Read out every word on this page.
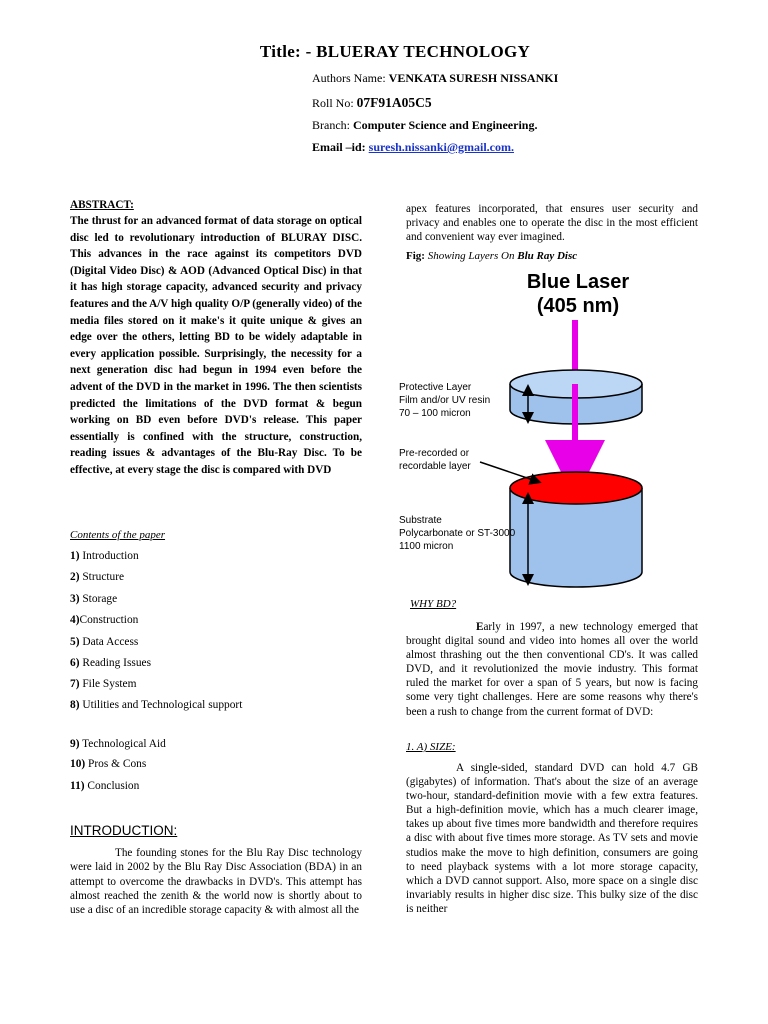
Title: - BLUERAY TECHNOLOGY
Authors Name: VENKATA SURESH NISSANKI
Roll No: 07F91A05C5
Branch: Computer Science and Engineering.
Email –id: suresh.nissanki@gmail.com.
ABSTRACT:

The thrust for an advanced format of data storage on optical disc led to revolutionary introduction of BLURAY DISC. This advances in the race against its competitors DVD (Digital Video Disc) & AOD (Advanced Optical Disc) in that it has high storage capacity, advanced security and privacy features and the A/V high quality O/P (generally video) of the media files stored on it make's it quite unique & gives an edge over the others, letting BD to be widely adaptable in every application possible. Surprisingly, the necessity for a next generation disc had begun in 1994 even before the advent of the DVD in the market in 1996. The then scientists predicted the limitations of the DVD format & begun working on BD even before DVD's release. This paper essentially is confined with the structure, construction, reading issues & advantages of the Blu-Ray Disc. To be effective, at every stage the disc is compared with DVD

Contents of the paper
1) Introduction
2) Structure
3) Storage
4)Construction
5) Data Access
6) Reading Issues
7) File System
8) Utilities and Technological support
9) Technological Aid
10) Pros & Cons
11) Conclusion
INTRODUCTION:

The founding stones for the Blu Ray Disc technology were laid in 2002 by the Blu Ray Disc Association (BDA) in an attempt to overcome the drawbacks in DVD's. This attempt has almost reached the zenith & the world now is shortly about to use a disc of an incredible storage capacity & with almost all the

apex features incorporated, that ensures user security and privacy and enables one to operate the disc in the most efficient and convenient way ever imagined.

Fig: Showing Layers On Blu Ray Disc
Blue Laser
(405 nm)
Protective Layer
Film and/or UV resin
70 – 100 micron
Pre-recorded or
recordable layer
Substrate
Polycarbonate or ST-3000
1100 micron
WHY BD?

Early in 1997, a new technology emerged that brought digital sound and video into homes all over the world almost thrashing out the then conventional CD's. It was called DVD, and it revolutionized the movie industry. This format ruled the market for over a span of 5 years, but now is facing some very tight challenges. Here are some reasons why there's been a rush to change from the current format of DVD:

1. A) SIZE:

A single-sided, standard DVD can hold 4.7 GB (gigabytes) of information. That's about the size of an average two-hour, standard-definition movie with a few extra features. But a high-definition movie, which has a much clearer image, takes up about five times more bandwidth and therefore requires a disc with about five times more storage. As TV sets and movie studios make the move to high definition, consumers are going to need playback systems with a lot more storage capacity, which a DVD cannot support. Also, more space on a single disc invariably results in higher disc size. This bulky size of the disc is neither
